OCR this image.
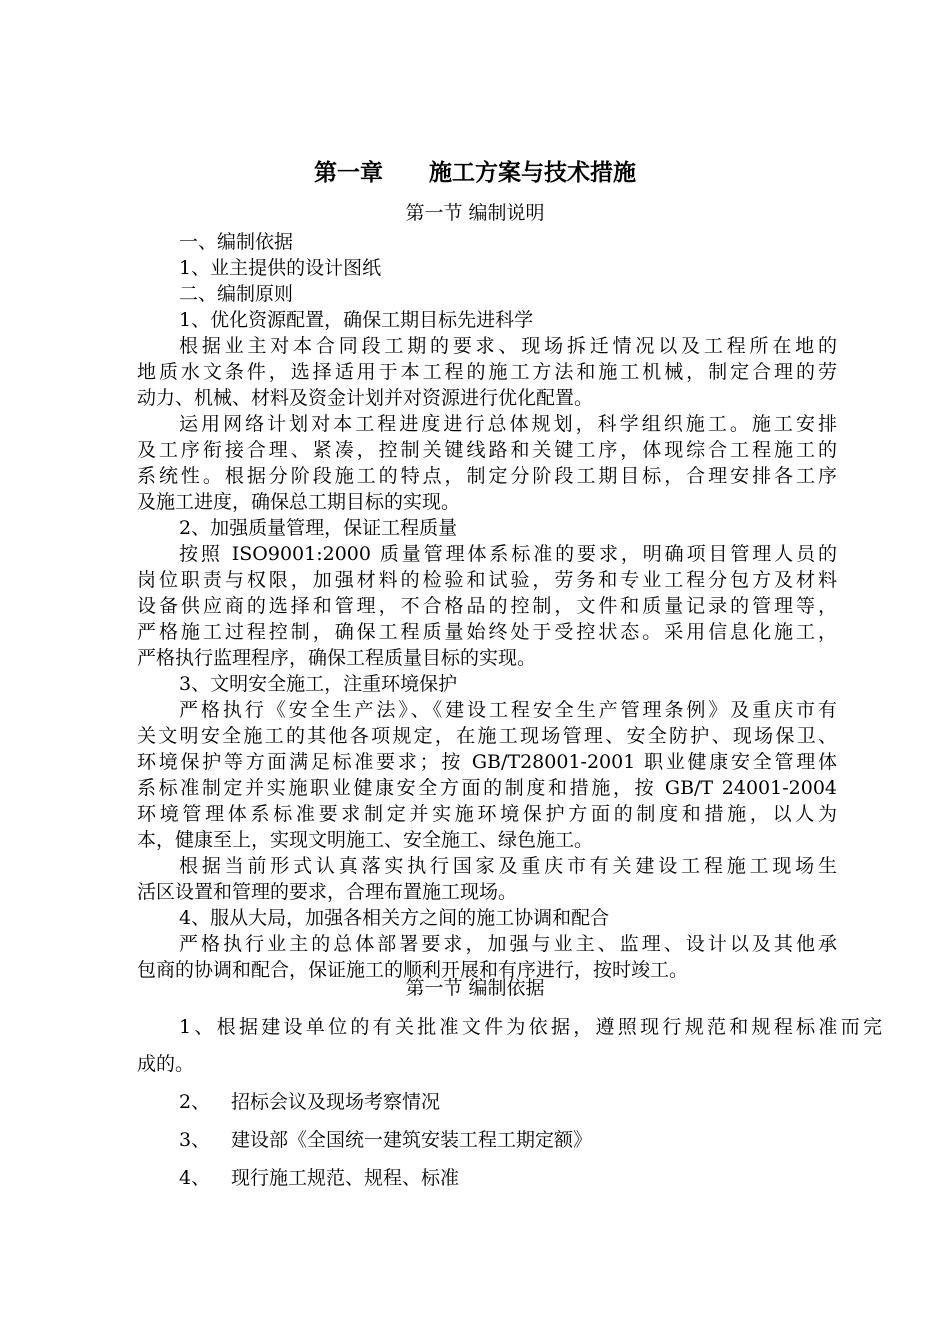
第一章 施工方案与技术措施
第一节 编制说明
一、编制依据
1、业主提供的设计图纸
二、编制原则
1、优化资源配置，确保工期目标先进科学
根据业主对本合同段工期的要求、现场拆迁情况以及工程所在地的
地质水文条件，选择适用于本工程的施工方法和施工机械，制定合理的劳
动力、机械、材料及资金计划并对资源进行优化配置。
运用网络计划对本工程进度进行总体规划，科学组织施工。施工安排
及工序衔接合理、紧凑，控制关键线路和关键工序，体现综合工程施工的
系统性。根据分阶段施工的特点，制定分阶段工期目标，合理安排各工序
及施工进度，确保总工期目标的实现。
2、加强质量管理，保证工程质量
按照 ISO9001:2000 质量管理体系标准的要求，明确项目管理人员的
岗位职责与权限，加强材料的检验和试验，劳务和专业工程分包方及材料
设备供应商的选择和管理，不合格品的控制，文件和质量记录的管理等，
严格施工过程控制，确保工程质量始终处于受控状态。采用信息化施工，
严格执行监理程序，确保工程质量目标的实现。
3、文明安全施工，注重环境保护
严格执行《安全生产法》、《建设工程安全生产管理条例》及重庆市有
关文明安全施工的其他各项规定，在施工现场管理、安全防护、现场保卫、
环境保护等方面满足标准要求；按 GB/T28001-2001 职业健康安全管理体
系标准制定并实施职业健康安全方面的制度和措施，按 GB/T 24001-2004
环境管理体系标准要求制定并实施环境保护方面的制度和措施，以人为
本，健康至上，实现文明施工、安全施工、绿色施工。
根据当前形式认真落实执行国家及重庆市有关建设工程施工现场生
活区设置和管理的要求，合理布置施工现场。
4、服从大局，加强各相关方之间的施工协调和配合
严格执行业主的总体部署要求，加强与业主、监理、设计以及其他承
包商的协调和配合，保证施工的顺利开展和有序进行，按时竣工。
第一节 编制依据
1、根据建设单位的有关批准文件为依据，遵照现行规范和规程标准而完
成的。
2、 招标会议及现场考察情况
3、 建设部《全国统一建筑安装工程工期定额》
4、 现行施工规范、规程、标准
